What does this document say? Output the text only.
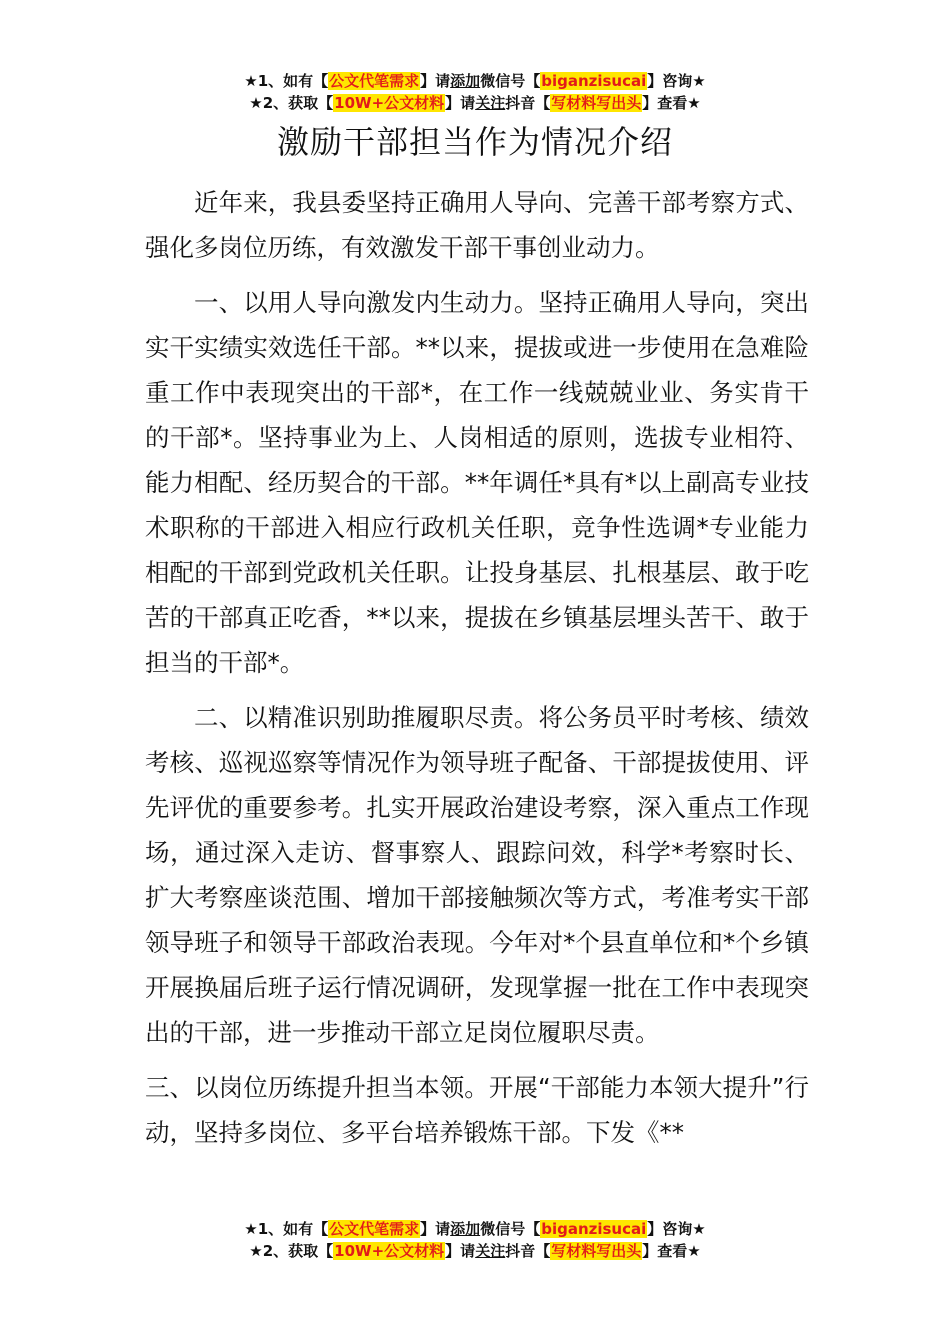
★1、如有【公文代笔需求】请添加微信号【biganzisucai】咨询★
★2、获取【10W+公文材料】请关注抖音【写材料写出头】查看★
激励干部担当作为情况介绍

近年来，我县委坚持正确用人导向、完善干部考察方式、强化多岗位历练，有效激发干部干事创业动力。

一、以用人导向激发内生动力。坚持正确用人导向，突出实干实绩实效选任干部。**以来，提拔或进一步使用在急难险重工作中表现突出的干部*，在工作一线兢兢业业、务实肯干的干部*。坚持事业为上、人岗相适的原则，选拔专业相符、能力相配、经历契合的干部。**年调任*具有*以上副高专业技术职称的干部进入相应行政机关任职，竞争性选调*专业能力相配的干部到党政机关任职。让投身基层、扎根基层、敢于吃苦的干部真正吃香，**以来，提拔在乡镇基层埋头苦干、敢于担当的干部*。

二、以精准识别助推履职尽责。将公务员平时考核、绩效考核、巡视巡察等情况作为领导班子配备、干部提拔使用、评先评优的重要参考。扎实开展政治建设考察，深入重点工作现场，通过深入走访、督事察人、跟踪问效，科学*考察时长、扩大考察座谈范围、增加干部接触频次等方式，考准考实干部领导班子和领导干部政治表现。今年对*个县直单位和*个乡镇开展换届后班子运行情况调研，发现掌握一批在工作中表现突出的干部，进一步推动干部立足岗位履职尽责。

三、以岗位历练提升担当本领。开展“干部能力本领大提升”行动，坚持多岗位、多平台培养锻炼干部。下发《**

★1、如有【公文代笔需求】请添加微信号【biganzisucai】咨询★
★2、获取【10W+公文材料】请关注抖音【写材料写出头】查看★
